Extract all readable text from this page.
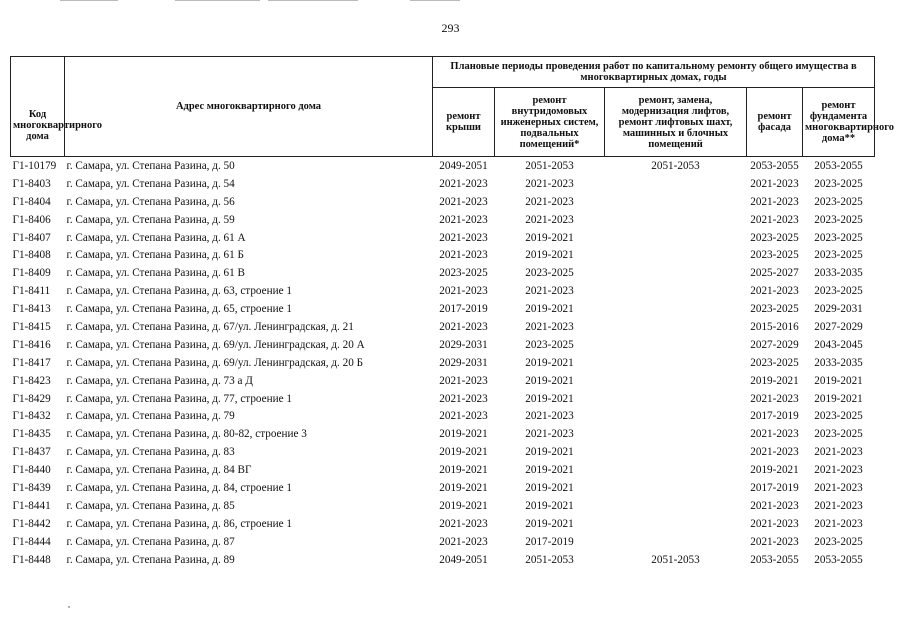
293
Код многоквартирного дома	Адрес многоквартирного дома	Плановые периоды проведения работ по капитальному ремонту общего имущества в многоквартирных домах, годы				
		ремонт крыши	ремонт внутридомовых инженерных систем, подвальных помещений*	ремонт, замена, модернизация лифтов, ремонт лифтовых шахт, машинных и блочных помещений	ремонт фасада	ремонт фундамента многоквартирного дома**
Г1-10179	г. Самара, ул. Степана Разина, д. 50	2049-2051	2051-2053	2051-2053	2053-2055	2053-2055
Г1-8403	г. Самара, ул. Степана Разина, д. 54	2021-2023	2021-2023		2021-2023	2023-2025
Г1-8404	г. Самара, ул. Степана Разина, д. 56	2021-2023	2021-2023		2021-2023	2023-2025
Г1-8406	г. Самара, ул. Степана Разина, д. 59	2021-2023	2021-2023		2021-2023	2023-2025
Г1-8407	г. Самара, ул. Степана Разина, д. 61 А	2021-2023	2019-2021		2023-2025	2023-2025
Г1-8408	г. Самара, ул. Степана Разина, д. 61 Б	2021-2023	2019-2021		2023-2025	2023-2025
Г1-8409	г. Самара, ул. Степана Разина, д. 61 В	2023-2025	2023-2025		2025-2027	2033-2035
Г1-8411	г. Самара, ул. Степана Разина, д. 63, строение 1	2021-2023	2021-2023		2021-2023	2023-2025
Г1-8413	г. Самара, ул. Степана Разина, д. 65, строение 1	2017-2019	2019-2021		2023-2025	2029-2031
Г1-8415	г. Самара, ул. Степана Разина, д. 67/ул. Ленинградская, д. 21	2021-2023	2021-2023		2015-2016	2027-2029
Г1-8416	г. Самара, ул. Степана Разина, д. 69/ул. Ленинградская, д. 20 А	2029-2031	2023-2025		2027-2029	2043-2045
Г1-8417	г. Самара, ул. Степана Разина, д. 69/ул. Ленинградская, д. 20 Б	2029-2031	2019-2021		2023-2025	2033-2035
Г1-8423	г. Самара, ул. Степана Разина, д. 73 а Д	2021-2023	2019-2021		2019-2021	2019-2021
Г1-8429	г. Самара, ул. Степана Разина, д. 77, строение 1	2021-2023	2019-2021		2021-2023	2019-2021
Г1-8432	г. Самара, ул. Степана Разина, д. 79	2021-2023	2021-2023		2017-2019	2023-2025
Г1-8435	г. Самара, ул. Степана Разина, д. 80-82, строение 3	2019-2021	2021-2023		2021-2023	2023-2025
Г1-8437	г. Самара, ул. Степана Разина, д. 83	2019-2021	2019-2021		2021-2023	2021-2023
Г1-8440	г. Самара, ул. Степана Разина, д. 84 ВГ	2019-2021	2019-2021		2019-2021	2021-2023
Г1-8439	г. Самара, ул. Степана Разина, д. 84, строение 1	2019-2021	2019-2021		2017-2019	2021-2023
Г1-8441	г. Самара, ул. Степана Разина, д. 85	2019-2021	2019-2021		2021-2023	2021-2023
Г1-8442	г. Самара, ул. Степана Разина, д. 86, строение 1	2021-2023	2019-2021		2021-2023	2021-2023
Г1-8444	г. Самара, ул. Степана Разина, д. 87	2021-2023	2017-2019		2021-2023	2023-2025
Г1-8448	г. Самара, ул. Степана Разина, д. 89	2049-2051	2051-2053	2051-2053	2053-2055	2053-2055
